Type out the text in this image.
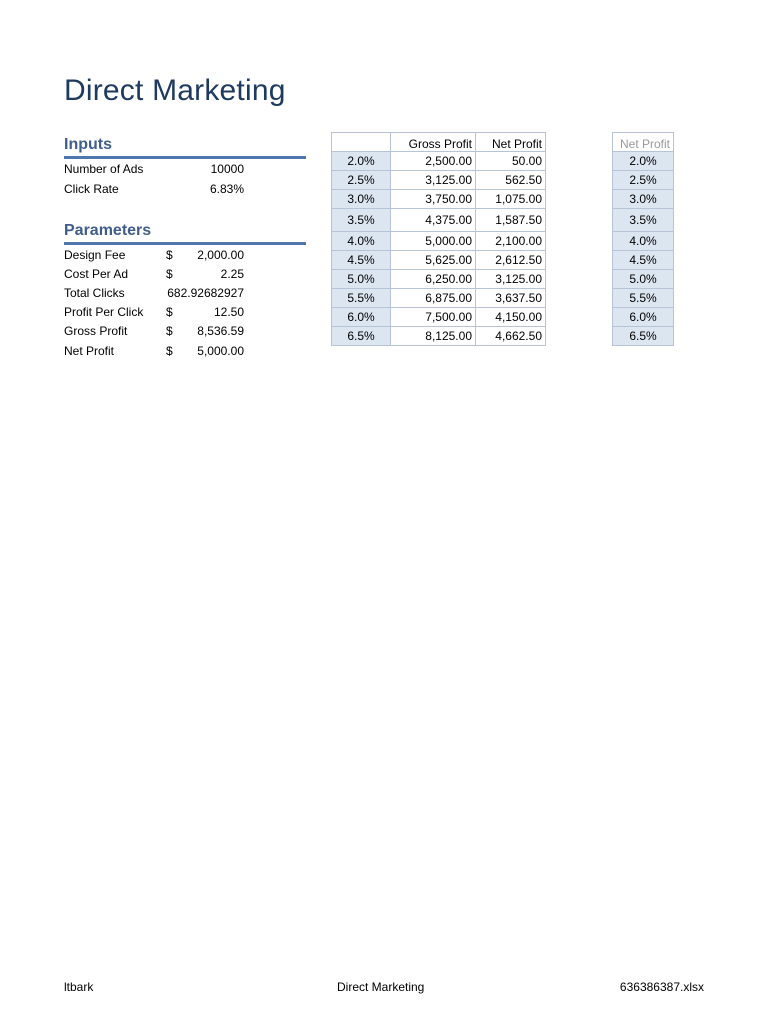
Direct Marketing
Inputs
Number of Ads	10000
Click Rate	6.83%
Parameters
Design Fee	$ 2,000.00
Cost Per Ad	$	2.25
Total Clicks	682.92682927
Profit Per Click $	12.50
Gross Profit	$ 8,536.59
Net Profit	$ 5,000.00
	Gross Profit	Net Profit
2.0%	2,500.00	50.00
2.5%	3,125.00	562.50
3.0%	3,750.00	1,075.00
3.5%	4,375.00	1,587.50
4.0%	5,000.00	2,100.00
4.5%	5,625.00	2,612.50
5.0%	6,250.00	3,125.00
5.5%	6,875.00	3,637.50
6.0%	7,500.00	4,150.00
6.5%	8,125.00	4,662.50
Net Profit
2.0%
2.5%
3.0%
3.5%
4.0%
4.5%
5.0%
5.5%
6.0%
6.5%
ltbark	Direct Marketing	636386387.xlsx
